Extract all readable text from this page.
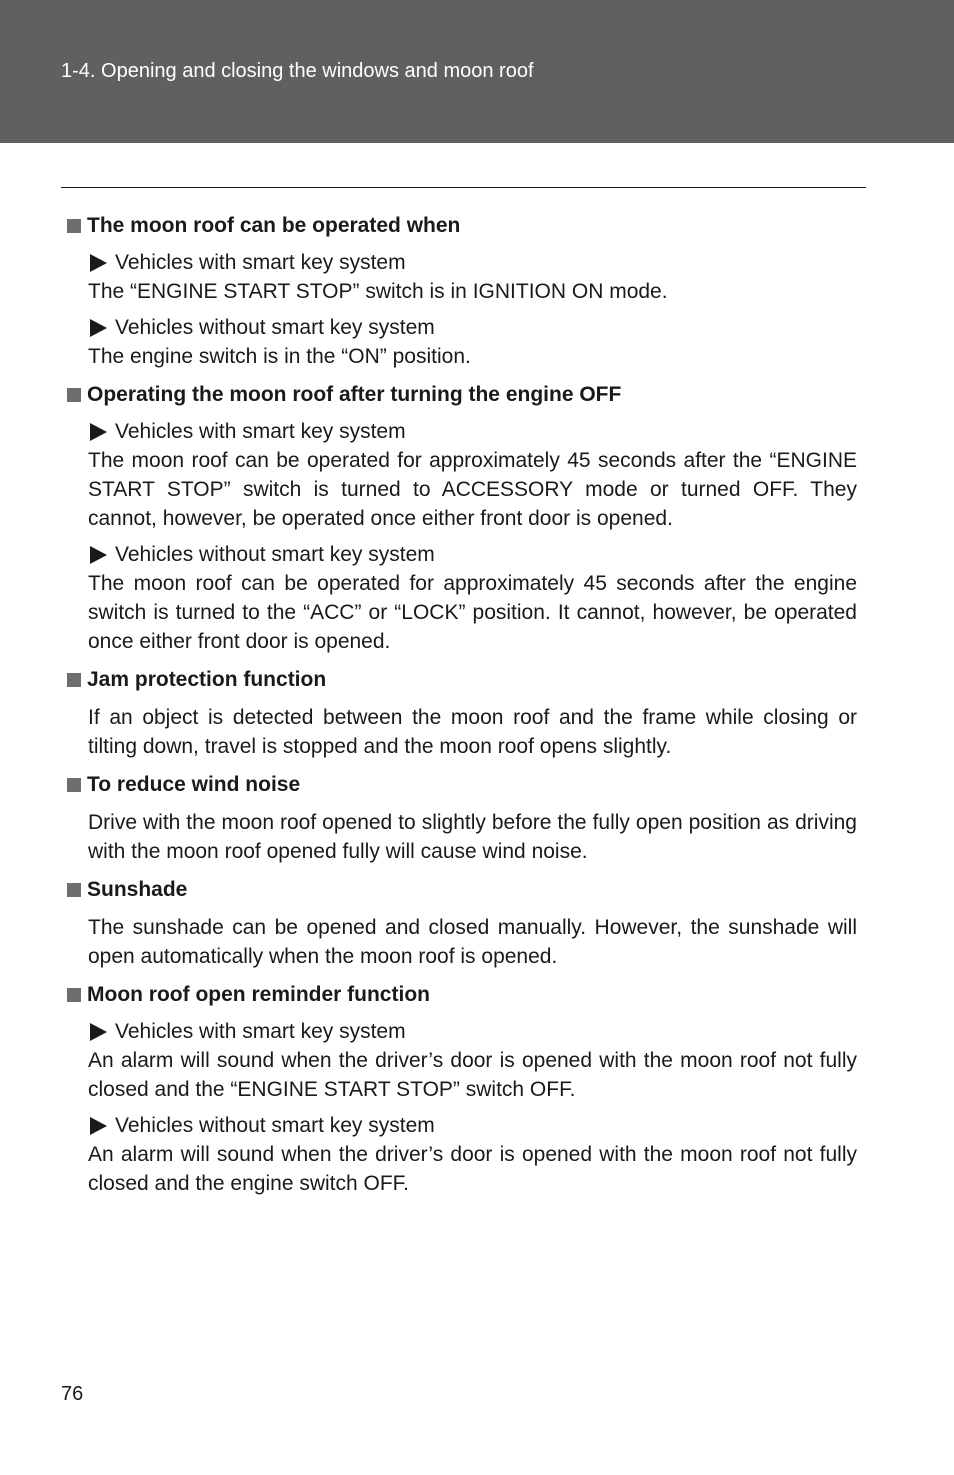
1-4. Opening and closing the windows and moon roof
The moon roof can be operated when
Vehicles with smart key system
The “ENGINE START STOP” switch is in IGNITION ON mode.
Vehicles without smart key system
The engine switch is in the “ON” position.
Operating the moon roof after turning the engine OFF
Vehicles with smart key system
The moon roof can be operated for approximately 45 seconds after the “ENGINE START STOP” switch is turned to ACCESSORY mode or turned OFF. They cannot, however, be operated once either front door is opened.
Vehicles without smart key system
The moon roof can be operated for approximately 45 seconds after the engine switch is turned to the “ACC” or “LOCK” position. It cannot, however, be operated once either front door is opened.
Jam protection function
If an object is detected between the moon roof and the frame while closing or tilting down, travel is stopped and the moon roof opens slightly.
To reduce wind noise
Drive with the moon roof opened to slightly before the fully open position as driving with the moon roof opened fully will cause wind noise.
Sunshade
The sunshade can be opened and closed manually. However, the sunshade will open automatically when the moon roof is opened.
Moon roof open reminder function
Vehicles with smart key system
An alarm will sound when the driver’s door is opened with the moon roof not fully closed and the “ENGINE START STOP” switch OFF.
Vehicles without smart key system
An alarm will sound when the driver’s door is opened with the moon roof not fully closed and the engine switch OFF.
76
